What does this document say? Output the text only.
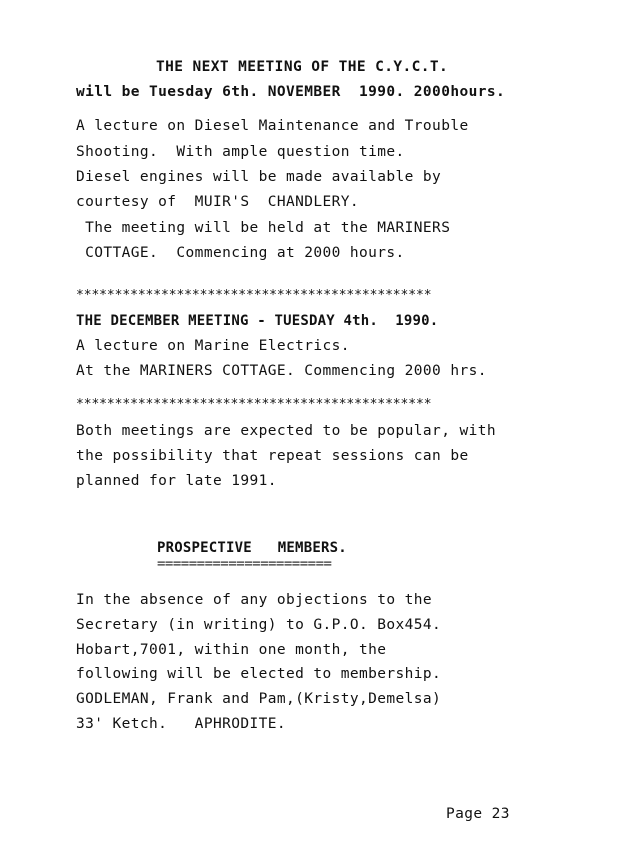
THE NEXT MEETING OF THE C.Y.C.T.
will be Tuesday 6th. NOVEMBER  1990. 2000hours.
A lecture on Diesel Maintenance and Trouble
Shooting.  With ample question time.
Diesel engines will be made available by
courtesy of  MUIR'S  CHANDLERY.
The meeting will be held at the MARINERS
COTTAGE.  Commencing at 2000 hours.
**********************************************
THE DECEMBER MEETING - TUESDAY 4th.  1990.
A lecture on Marine Electrics.
At the MARINERS COTTAGE. Commencing 2000 hrs.
**********************************************
Both meetings are expected to be popular, with
the possibility that repeat sessions can be
planned for late 1991.
PROSPECTIVE   MEMBERS.
======================
In the absence of any objections to the
Secretary (in writing) to G.P.O. Box454.
Hobart,7001, within one month, the
following will be elected to membership.
GODLEMAN, Frank and Pam,(Kristy,Demelsa)
33' Ketch.   APHRODITE.
Page 23
